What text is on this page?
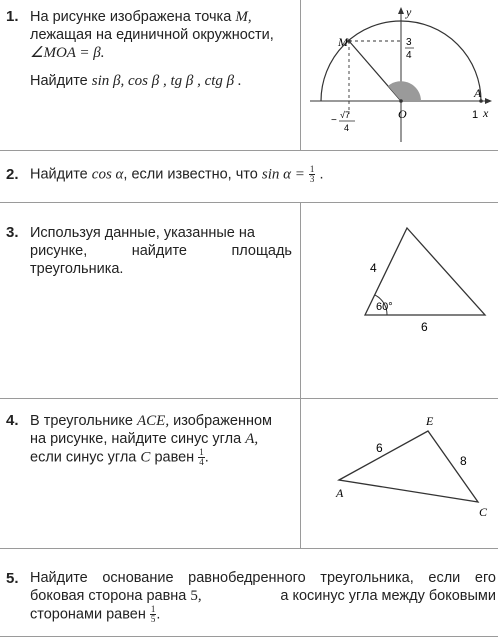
1. На рисунке изображена точка M,
лежащая на единичной окружности,
∠MOA = β.
Найдите sin β, cos β , tg β , ctg β .
y
x
M
O
A
1
3
4
− √7
4
2. Найдите cos α, если известно, что $\sin \alpha = \frac{1}{3}$ .
3. Используя данные, указанные на
рисунке,	найдите	площадь
треугольника.	4
60°
6
4. В треугольнике ACE, изображенном
на рисунке, найдите синус угла A,
если синус угла C равен $\frac{1}{4}$ .
E
A
C
6
8
5. Найдите основание равнобедренного треугольника, если его
боковая сторона равна 5,	а косинус угла между боковыми
сторонами равен $\frac{1}{5}$ .
